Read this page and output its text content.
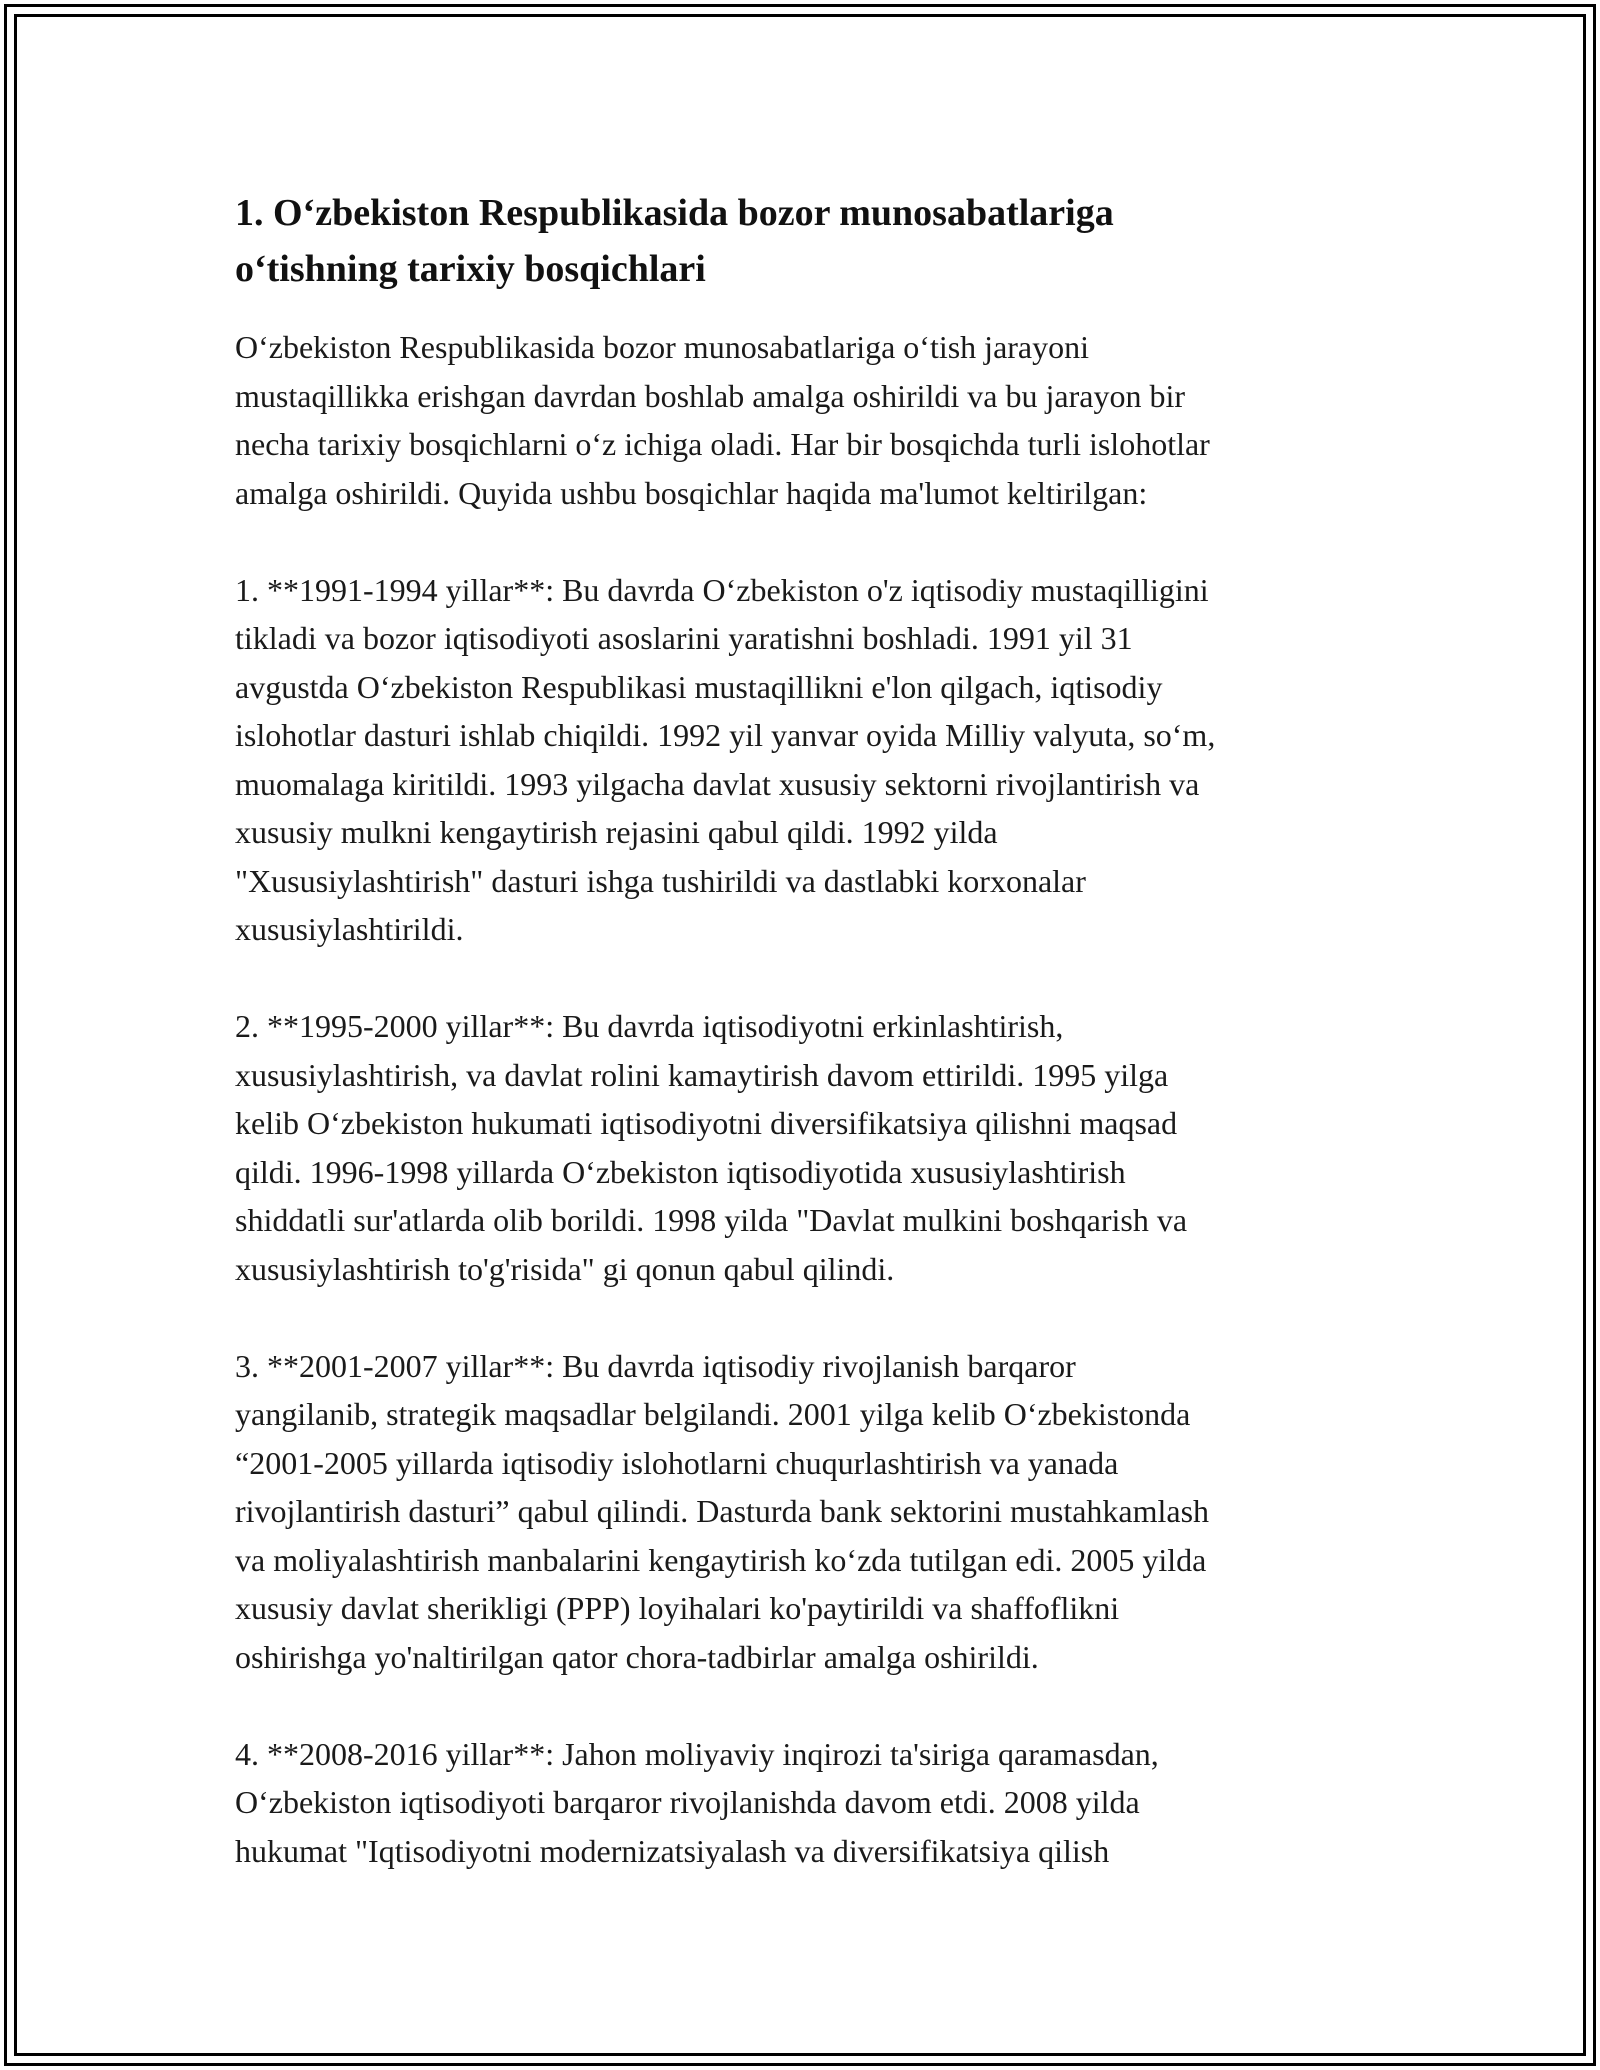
1. O‘zbekiston Respublikasida bozor munosabatlariga
o‘tishning tarixiy bosqichlari

O‘zbekiston Respublikasida bozor munosabatlariga o‘tish jarayoni
mustaqillikka erishgan davrdan boshlab amalga oshirildi va bu jarayon bir
necha tarixiy bosqichlarni o‘z ichiga oladi. Har bir bosqichda turli islohotlar
amalga oshirildi. Quyida ushbu bosqichlar haqida ma'lumot keltirilgan:

1. **1991-1994 yillar**: Bu davrda O‘zbekiston o'z iqtisodiy mustaqilligini
tikladi va bozor iqtisodiyoti asoslarini yaratishni boshladi. 1991 yil 31
avgustda O‘zbekiston Respublikasi mustaqillikni e'lon qilgach, iqtisodiy
islohotlar dasturi ishlab chiqildi. 1992 yil yanvar oyida Milliy valyuta, so‘m,
muomalaga kiritildi. 1993 yilgacha davlat xususiy sektorni rivojlantirish va
xususiy mulkni kengaytirish rejasini qabul qildi. 1992 yilda
"Xususiylashtirish" dasturi ishga tushirildi va dastlabki korxonalar
xususiylashtirildi.

2. **1995-2000 yillar**: Bu davrda iqtisodiyotni erkinlashtirish,
xususiylashtirish, va davlat rolini kamaytirish davom ettirildi. 1995 yilga
kelib O‘zbekiston hukumati iqtisodiyotni diversifikatsiya qilishni maqsad
qildi. 1996-1998 yillarda O‘zbekiston iqtisodiyotida xususiylashtirish
shiddatli sur'atlarda olib borildi. 1998 yilda "Davlat mulkini boshqarish va
xususiylashtirish to'g'risida" gi qonun qabul qilindi.

3. **2001-2007 yillar**: Bu davrda iqtisodiy rivojlanish barqaror
yangilanib, strategik maqsadlar belgilandi. 2001 yilga kelib O‘zbekistonda
“2001-2005 yillarda iqtisodiy islohotlarni chuqurlashtirish va yanada
rivojlantirish dasturi” qabul qilindi. Dasturda bank sektorini mustahkamlash
va moliyalashtirish manbalarini kengaytirish ko‘zda tutilgan edi. 2005 yilda
xususiy davlat sherikligi (PPP) loyihalari ko'paytirildi va shaffoflikni
oshirishga yo'naltirilgan qator chora-tadbirlar amalga oshirildi.

4. **2008-2016 yillar**: Jahon moliyaviy inqirozi ta'siriga qaramasdan,
O‘zbekiston iqtisodiyoti barqaror rivojlanishda davom etdi. 2008 yilda
hukumat "Iqtisodiyotni modernizatsiyalash va diversifikatsiya qilish
